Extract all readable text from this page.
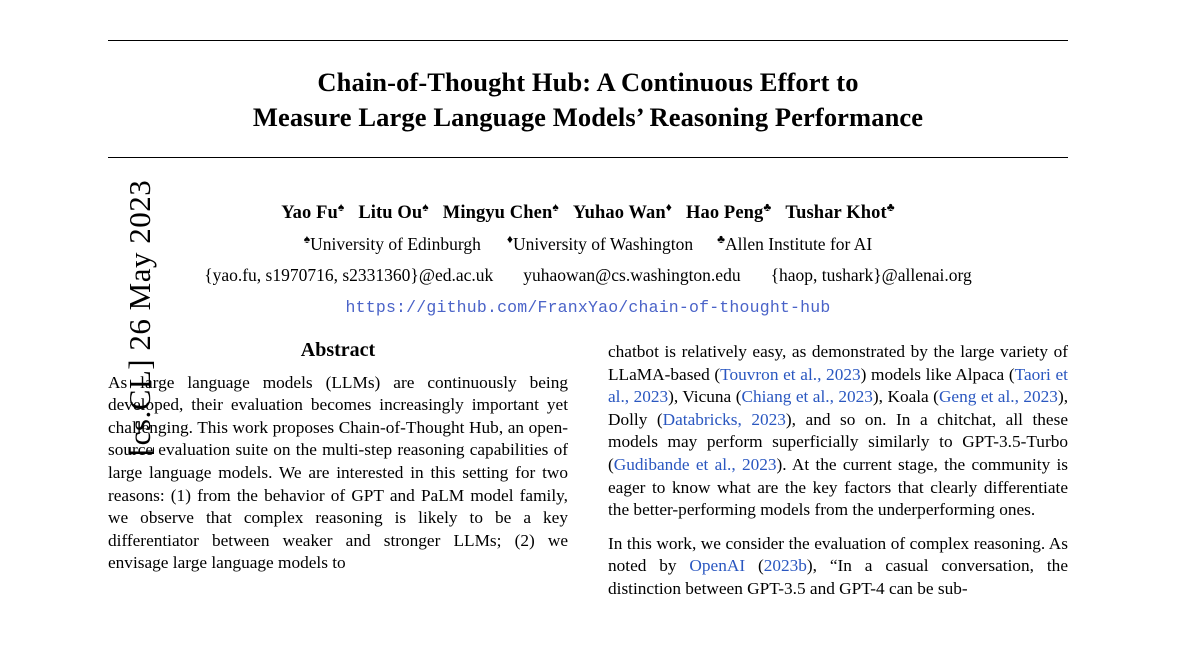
[cs.CL] 26 May 2023
Chain-of-Thought Hub: A Continuous Effort to
Measure Large Language Models’ Reasoning Performance
Yao Fu♠ Litu Ou♠ Mingyu Chen♠ Yuhao Wan♦ Hao Peng♣ Tushar Khot♣
♠University of Edinburgh ♦University of Washington ♣Allen Institute for AI
{yao.fu, s1970716, s2331360}@ed.ac.uk yuhaowan@cs.washington.edu {haop, tushark}@allenai.org
https://github.com/FranxYao/chain-of-thought-hub
Abstract

As large language models (LLMs) are continuously being developed, their evaluation becomes increasingly important yet challenging. This work proposes Chain-of-Thought Hub, an open-source evaluation suite on the multi-step reasoning capabilities of large language models. We are interested in this setting for two reasons: (1) from the behavior of GPT and PaLM model family, we observe that complex reasoning is likely to be a key differentiator between weaker and stronger LLMs; (2) we envisage large language models to

chatbot is relatively easy, as demonstrated by the large variety of LLaMA-based (Touvron et al., 2023) models like Alpaca (Taori et al., 2023), Vicuna (Chiang et al., 2023), Koala (Geng et al., 2023), Dolly (Databricks, 2023), and so on. In a chitchat, all these models may perform superficially similarly to GPT-3.5-Turbo (Gudibande et al., 2023). At the current stage, the community is eager to know what are the key factors that clearly differentiate the better-performing models from the underperforming ones.

In this work, we consider the evaluation of complex reasoning. As noted by OpenAI (2023b), “In a casual conversation, the distinction between GPT-3.5 and GPT-4 can be sub-
